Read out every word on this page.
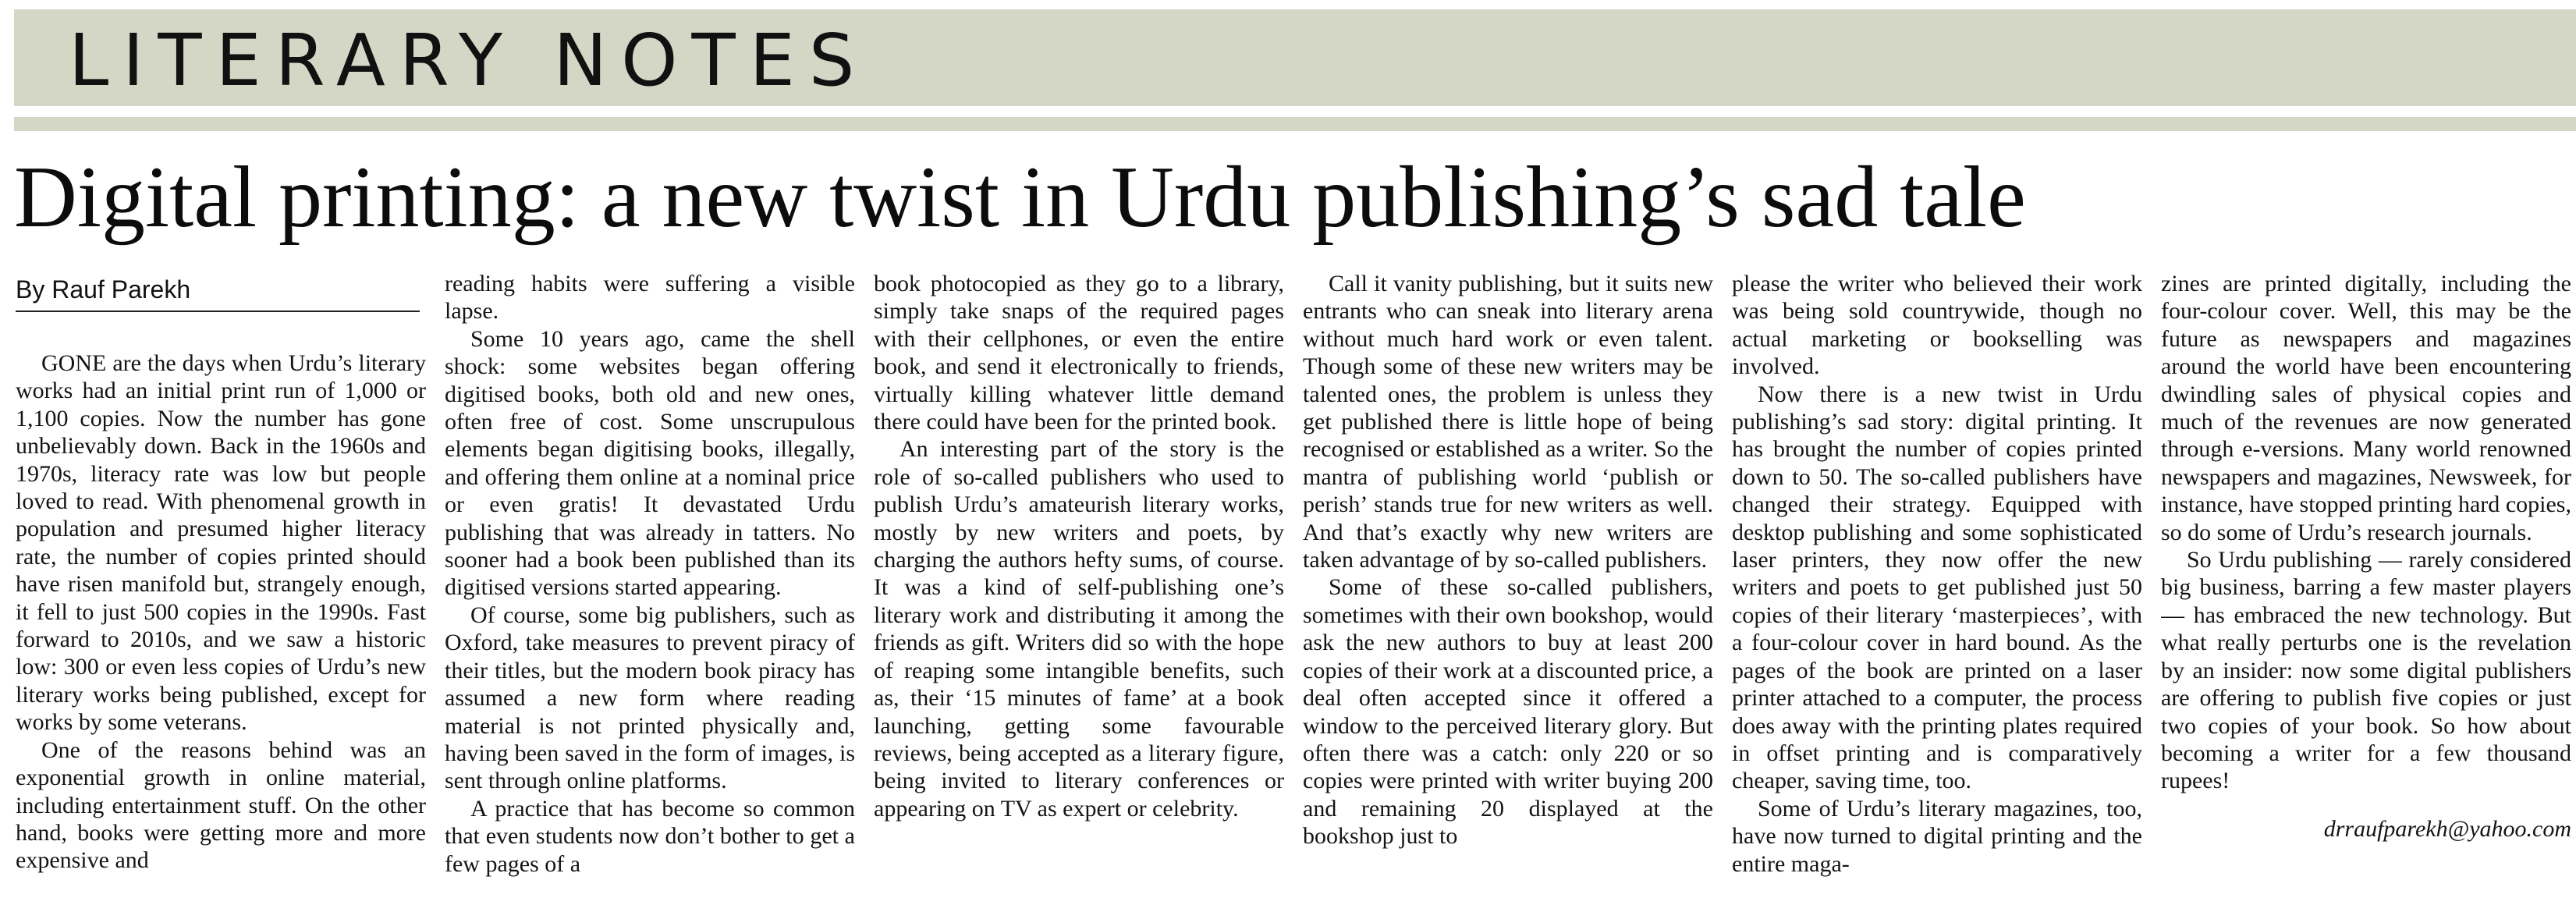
LITERARY NOTES
Digital printing: a new twist in Urdu publishing’s sad tale
By Rauf Parekh

GONE are the days when Urdu’s literary works had an initial print run of 1,000 or 1,100 copies. Now the number has gone unbelievably down. Back in the 1960s and 1970s, literacy rate was low but people loved to read. With phenomenal growth in population and presumed higher literacy rate, the number of copies printed should have risen manifold but, strangely enough, it fell to just 500 copies in the 1990s. Fast forward to 2010s, and we saw a historic low: 300 or even less copies of Urdu’s new literary works being published, except for works by some veterans.

One of the reasons behind was an exponential growth in online material, including entertainment stuff. On the other hand, books were getting more and more expensive and

reading habits were suffering a visible lapse.

Some 10 years ago, came the shell shock: some websites began offering digitised books, both old and new ones, often free of cost. Some unscrupulous elements began digitising books, illegally, and offering them online at a nominal price or even gratis! It devastated Urdu publishing that was already in tatters. No sooner had a book been published than its digitised versions started appearing.

Of course, some big publishers, such as Oxford, take measures to prevent piracy of their titles, but the modern book piracy has assumed a new form where reading material is not printed physically and, having been saved in the form of images, is sent through online platforms.

A practice that has become so common that even students now don’t bother to get a few pages of a

book photocopied as they go to a library, simply take snaps of the required pages with their cellphones, or even the entire book, and send it electronically to friends, virtually killing whatever little demand there could have been for the printed book.

An interesting part of the story is the role of so-called publishers who used to publish Urdu’s amateurish literary works, mostly by new writers and poets, by charging the authors hefty sums, of course. It was a kind of self-publishing one’s literary work and distributing it among the friends as gift. Writers did so with the hope of reaping some intangible benefits, such as, their ‘15 minutes of fame’ at a book launching, getting some favourable reviews, being accepted as a literary figure, being invited to literary conferences or appearing on TV as expert or celebrity.

Call it vanity publishing, but it suits new entrants who can sneak into literary arena without much hard work or even talent. Though some of these new writers may be talented ones, the problem is unless they get published there is little hope of being recognised or established as a writer. So the mantra of publishing world ‘publish or perish’ stands true for new writers as well. And that’s exactly why new writers are taken advantage of by so-called publishers.

Some of these so-called publishers, sometimes with their own bookshop, would ask the new authors to buy at least 200 copies of their work at a discounted price, a deal often accepted since it offered a window to the perceived literary glory. But often there was a catch: only 220 or so copies were printed with writer buying 200 and remaining 20 displayed at the bookshop just to

please the writer who believed their work was being sold countrywide, though no actual marketing or bookselling was involved.

Now there is a new twist in Urdu publishing’s sad story: digital printing. It has brought the number of copies printed down to 50. The so-called publishers have changed their strategy. Equipped with desktop publishing and some sophisticated laser printers, they now offer the new writers and poets to get published just 50 copies of their literary ‘masterpieces’, with a four-colour cover in hard bound. As the pages of the book are printed on a laser printer attached to a computer, the process does away with the printing plates required in offset printing and is comparatively cheaper, saving time, too.

Some of Urdu’s literary magazines, too, have now turned to digital printing and the entire maga-

zines are printed digitally, including the four-colour cover. Well, this may be the future as newspapers and magazines around the world have been encountering dwindling sales of physical copies and much of the revenues are now generated through e-versions. Many world renowned newspapers and magazines, Newsweek, for instance, have stopped printing hard copies, so do some of Urdu’s research journals.

So Urdu publishing — rarely considered big business, barring a few master players — has embraced the new technology. But what really perturbs one is the revelation by an insider: now some digital publishers are offering to publish five copies or just two copies of your book. So how about becoming a writer for a few thousand rupees!

drraufparekh@yahoo.com
